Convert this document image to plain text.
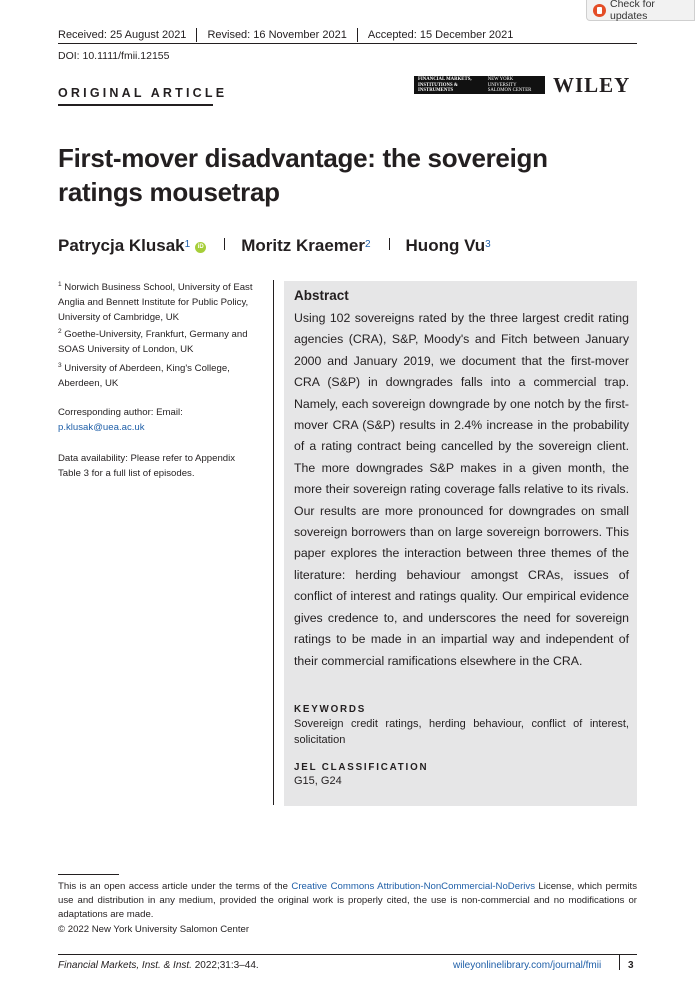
Check for updates
Received: 25 August 2021 Revised: 16 November 2021 Accepted: 15 December 2021
DOI: 10.1111/fmii.12155
ORIGINAL ARTICLE
FINANCIAL MARKETS, INSTITUTIONS & INSTRUMENTS
NEW YORK UNIVERSITY SALOMON CENTER	WILEY
First-mover disadvantage: the sovereign ratings mousetrap
Patrycja Klusak$^1$	iD Moritz Kraemer$^2$ Huong Vu$^3$
$^1$ Norwich Business School, University of East Anglia and Bennett Institute for Public Policy, University of Cambridge, UK
$^2$ Goethe-University, Frankfurt, Germany and SOAS University of London, UK
$^3$ University of Aberdeen, King's College, Aberdeen, UK
Corresponding author: Email:
p.klusak@uea.ac.uk
Data availability: Please refer to Appendix Table 3 for a full list of episodes.
Abstract
Using 102 sovereigns rated by the three largest credit rating agencies (CRA), S&P, Moody's and Fitch between January 2000 and January 2019, we document that the first-mover CRA (S&P) in downgrades falls into a commercial trap. Namely, each sovereign downgrade by one notch by the first-mover CRA (S&P) results in 2.4% increase in the probability of a rating contract being cancelled by the sovereign client. The more downgrades S&P makes in a given month, the more their sovereign rating coverage falls relative to its rivals. Our results are more pronounced for downgrades on small sovereign borrowers than on large sovereign borrowers. This paper explores the interaction between three themes of the literature: herding behaviour amongst CRAs, issues of conflict of interest and ratings quality. Our empirical evidence gives credence to, and underscores the need for sovereign ratings to be made in an impartial way and independent of their commercial ramifications elsewhere in the CRA.
KEYWORDS
Sovereign credit ratings, herding behaviour, conflict of interest, solicitation
JEL CLASSIFICATION
G15, G24
This is an open access article under the terms of the Creative Commons Attribution-NonCommercial-NoDerivs License, which permits use and distribution in any medium, provided the original work is properly cited, the use is non-commercial and no modifications or adaptations are made.
© 2022 New York University Salomon Center
Financial Markets, Inst. & Inst. 2022;31:3–44.	wileyonlinelibrary.com/journal/fmii	3
